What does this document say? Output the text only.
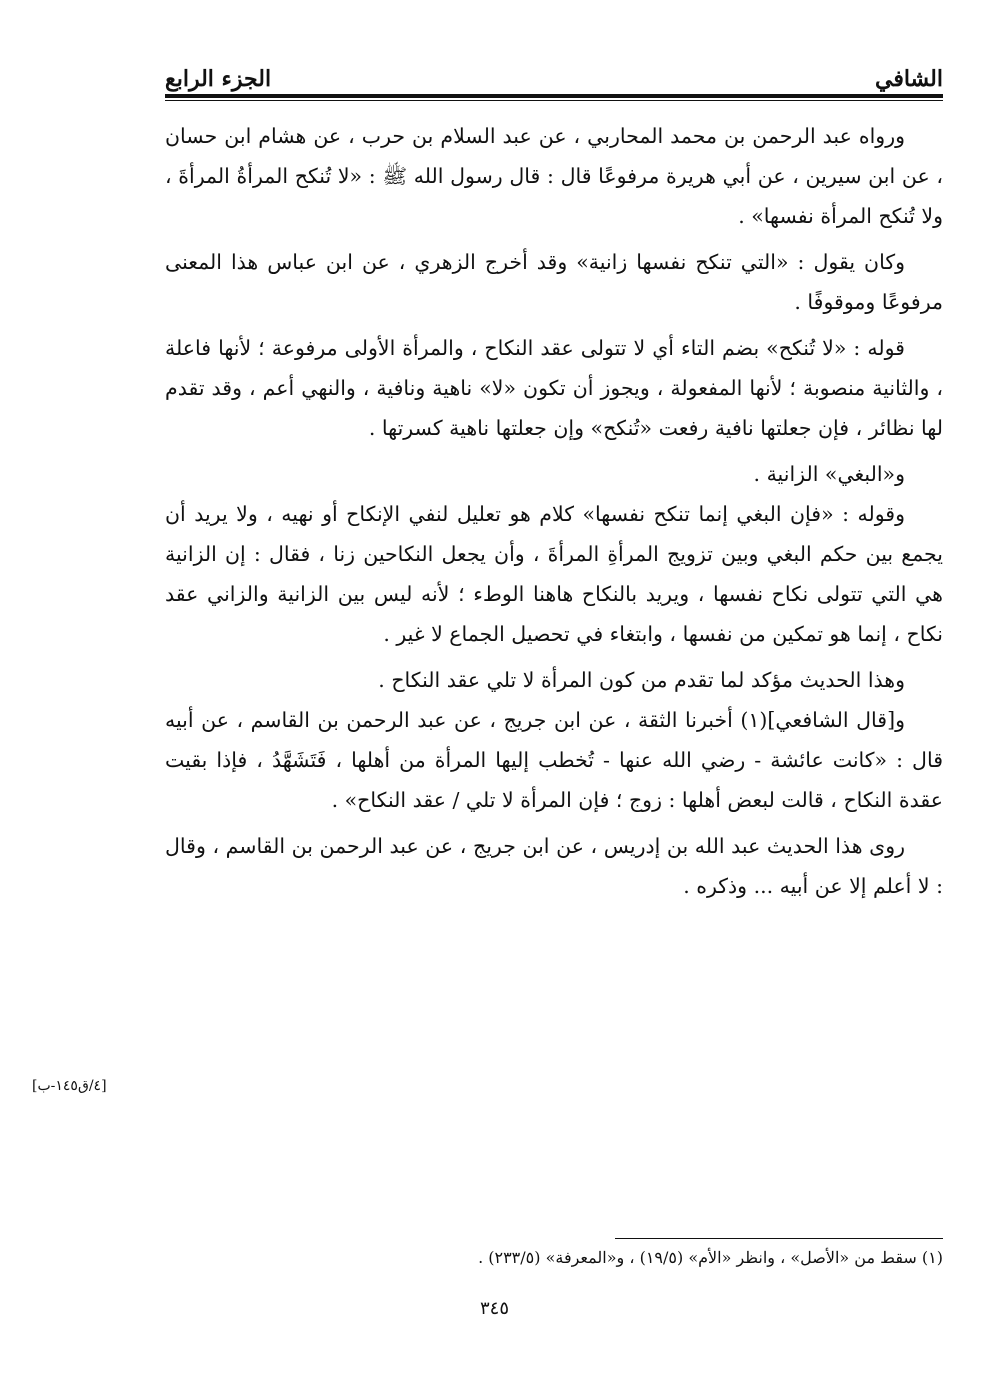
الشافي
الجزء الرابع

ورواه عبد الرحمن بن محمد المحاربي ، عن عبد السلام بن حرب ، عن هشام ابن حسان ، عن ابن سيرين ، عن أبي هريرة مرفوعًا قال : قال رسول الله ﷺ : «لا تُنكح المرأةُ المرأةَ ، ولا تُنكح المرأة نفسها» .

وكان يقول : «التي تنكح نفسها زانية» وقد أخرج الزهري ، عن ابن عباس هذا المعنى مرفوعًا وموقوفًا .

قوله : «لا تُنكح» بضم التاء أي لا تتولى عقد النكاح ، والمرأة الأولى مرفوعة ؛ لأنها فاعلة ، والثانية منصوبة ؛ لأنها المفعولة ، ويجوز أن تكون «لا» ناهية ونافية ، والنهي أعم ، وقد تقدم لها نظائر ، فإن جعلتها نافية رفعت «تُنكح» وإن جعلتها ناهية كسرتها .

و«البغي» الزانية .

وقوله : «فإن البغي إنما تنكح نفسها» كلام هو تعليل لنفي الإنكاح أو نهيه ، ولا يريد أن يجمع بين حكم البغي وبين تزويج المرأةِ المرأةَ ، وأن يجعل النكاحين زنا ، فقال : إن الزانية هي التي تتولى نكاح نفسها ، ويريد بالنكاح هاهنا الوطء ؛ لأنه ليس بين الزانية والزاني عقد نكاح ، إنما هو تمكين من نفسها ، وابتغاء في تحصيل الجماع لا غير .

وهذا الحديث مؤكد لما تقدم من كون المرأة لا تلي عقد النكاح .

و[قال الشافعي](١) أخبرنا الثقة ، عن ابن جريج ، عن عبد الرحمن بن القاسم ، عن أبيه قال : «كانت عائشة - رضي الله عنها - تُخطب إليها المرأة من أهلها ، فَتَشَهَّدُ ، فإذا بقيت عقدة النكاح ، قالت لبعض أهلها : زوج ؛ فإن المرأة لا تلي / عقد النكاح» .

روى هذا الحديث عبد الله بن إدريس ، عن ابن جريج ، عن عبد الرحمن بن القاسم ، وقال : لا أعلم إلا عن أبيه ... وذكره .

[٤/ق١٤٥-ب]
(١) سقط من «الأصل» ، وانظر «الأم» (١٩/٥) ، و«المعرفة» (٢٣٣/٥) .
٣٤٥
